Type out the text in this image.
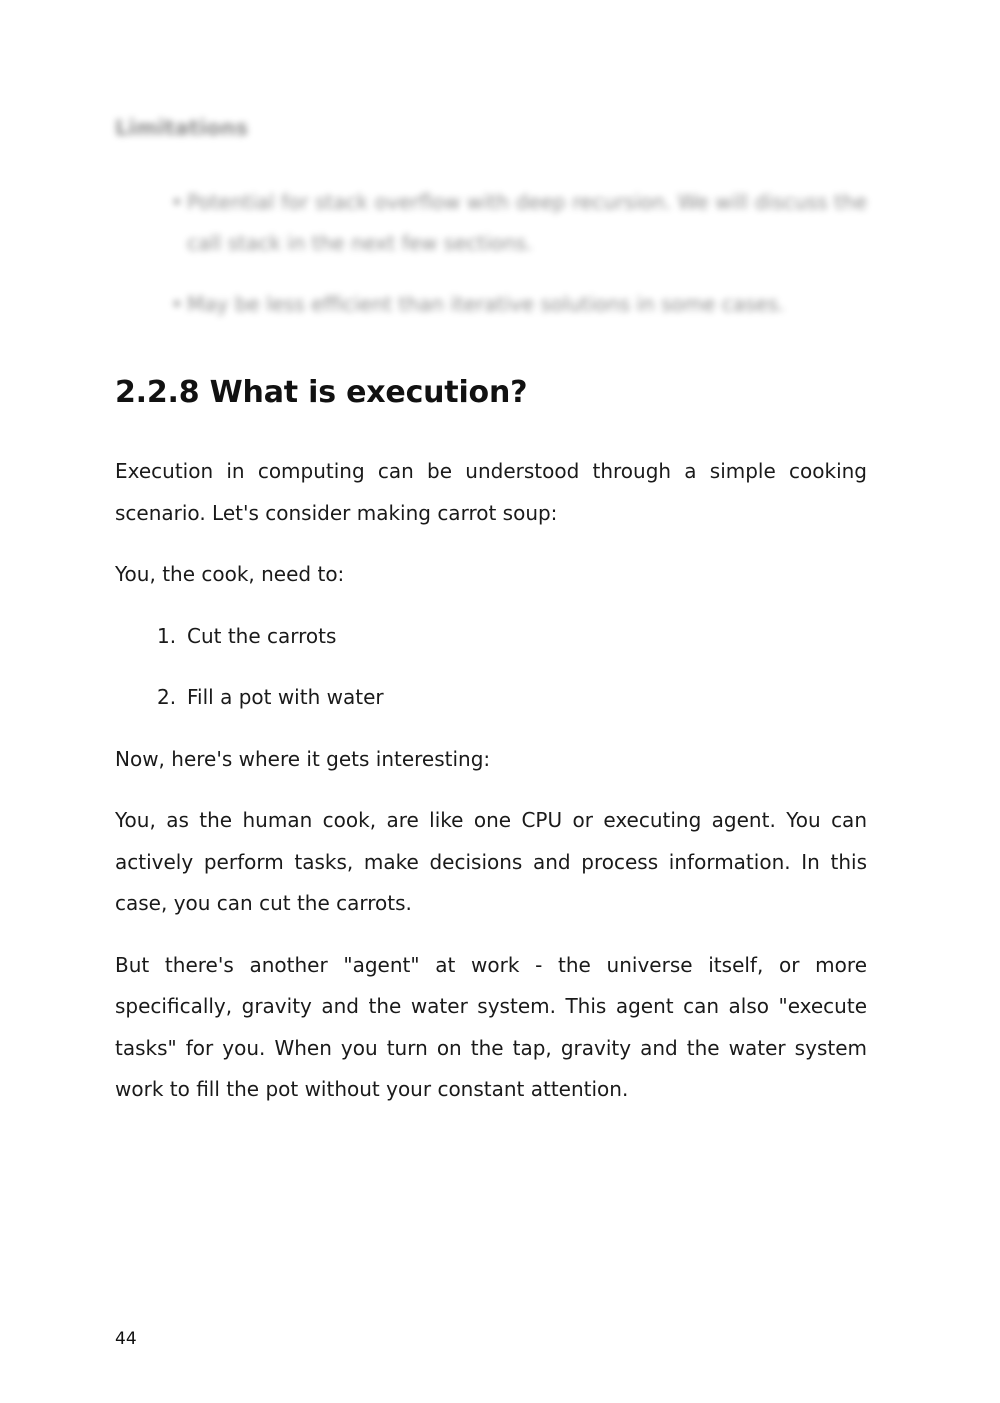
Limitations
• Potential for stack overflow with deep recursion. We will discuss the call stack in the next few sections.
• May be less efficient than iterative solutions in some cases.
2.2.8 What is execution?

Execution in computing can be understood through a simple cooking scenario. Let's consider making carrot soup:

You, the cook, need to:

1. Cut the carrots
2. Fill a pot with water

Now, here's where it gets interesting:

You, as the human cook, are like one CPU or executing agent. You can actively perform tasks, make decisions and process information. In this case, you can cut the carrots.

But there's another "agent" at work - the universe itself, or more specifically, gravity and the water system. This agent can also "execute tasks" for you. When you turn on the tap, gravity and the water system work to fill the pot without your constant attention.

44
